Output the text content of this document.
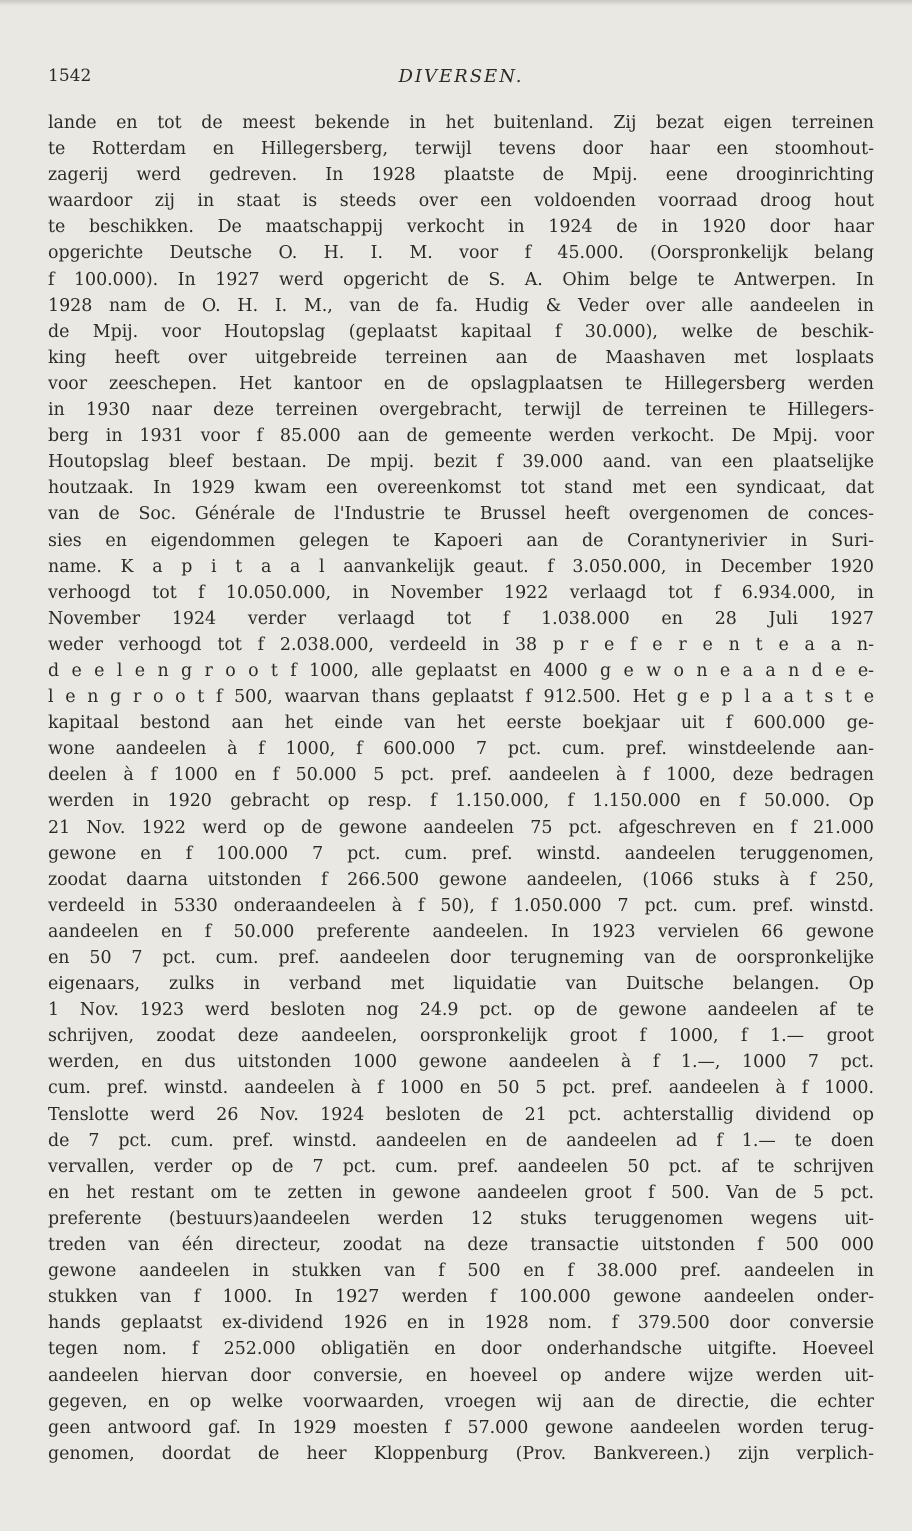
1542	DIVERSEN.
lande en tot de meest bekende in het buitenland. Zij bezat eigen terreinen
te Rotterdam en Hillegersberg, terwijl tevens door haar een stoomhout-
zagerij werd gedreven. In 1928 plaatste de Mpij. eene drooginrichting
waardoor zij in staat is steeds over een voldoenden voorraad droog hout
te beschikken. De maatschappij verkocht in 1924 de in 1920 door haar
opgerichte Deutsche O. H. I. M. voor f 45.000. (Oorspronkelijk belang
f 100.000). In 1927 werd opgericht de S. A. Ohim belge te Antwerpen. In
1928 nam de O. H. I. M., van de fa. Hudig & Veder over alle aandeelen in
de Mpij. voor Houtopslag (geplaatst kapitaal f 30.000), welke de beschik-
king heeft over uitgebreide terreinen aan de Maashaven met losplaats
voor zeeschepen. Het kantoor en de opslagplaatsen te Hillegersberg werden
in 1930 naar deze terreinen overgebracht, terwijl de terreinen te Hillegers-
berg in 1931 voor f 85.000 aan de gemeente werden verkocht. De Mpij. voor
Houtopslag bleef bestaan. De mpij. bezit f 39.000 aand. van een plaatselijke
houtzaak. In 1929 kwam een overeenkomst tot stand met een syndicaat, dat
van de Soc. Générale de l'Industrie te Brussel heeft overgenomen de conces-
sies en eigendommen gelegen te Kapoeri aan de Corantynerivier in Suri-
name. K a p i t a a l aanvankelijk geaut. f 3.050.000, in December 1920
verhoogd tot f 10.050.000, in November 1922 verlaagd tot f 6.934.000, in
November 1924 verder verlaagd tot f 1.038.000 en 28 Juli 1927
weder verhoogd tot f 2.038.000, verdeeld in 38 p r e f e r e n t e a a n-
d e e l e n g r o o t f 1000, alle geplaatst en 4000 g e w o n e a a n d e e-
l e n g r o o t f 500, waarvan thans geplaatst f 912.500. Het g e p l a a t s t e
kapitaal bestond aan het einde van het eerste boekjaar uit f 600.000 ge-
wone aandeelen à f 1000, f 600.000 7 pct. cum. pref. winstdeelende aan-
deelen à f 1000 en f 50.000 5 pct. pref. aandeelen à f 1000, deze bedragen
werden in 1920 gebracht op resp. f 1.150.000, f 1.150.000 en f 50.000. Op
21 Nov. 1922 werd op de gewone aandeelen 75 pct. afgeschreven en f 21.000
gewone en f 100.000 7 pct. cum. pref. winstd. aandeelen teruggenomen,
zoodat daarna uitstonden f 266.500 gewone aandeelen, (1066 stuks à f 250,
verdeeld in 5330 onderaandeelen à f 50), f 1.050.000 7 pct. cum. pref. winstd.
aandeelen en f 50.000 preferente aandeelen. In 1923 vervielen 66 gewone
en 50 7 pct. cum. pref. aandeelen door terugneming van de oorspronkelijke
eigenaars, zulks in verband met liquidatie van Duitsche belangen. Op
1 Nov. 1923 werd besloten nog 24.9 pct. op de gewone aandeelen af te
schrijven, zoodat deze aandeelen, oorspronkelijk groot f 1000, f 1.— groot
werden, en dus uitstonden 1000 gewone aandeelen à f 1.—, 1000 7 pct.
cum. pref. winstd. aandeelen à f 1000 en 50 5 pct. pref. aandeelen à f 1000.
Tenslotte werd 26 Nov. 1924 besloten de 21 pct. achterstallig dividend op
de 7 pct. cum. pref. winstd. aandeelen en de aandeelen ad f 1.— te doen
vervallen, verder op de 7 pct. cum. pref. aandeelen 50 pct. af te schrijven
en het restant om te zetten in gewone aandeelen groot f 500. Van de 5 pct.
preferente (bestuurs)aandeelen werden 12 stuks teruggenomen wegens uit-
treden van één directeur, zoodat na deze transactie uitstonden f 500 000
gewone aandeelen in stukken van f 500 en f 38.000 pref. aandeelen in
stukken van f 1000. In 1927 werden f 100.000 gewone aandeelen onder-
hands geplaatst ex-dividend 1926 en in 1928 nom. f 379.500 door conversie
tegen nom. f 252.000 obligatiën en door onderhandsche uitgifte. Hoeveel
aandeelen hiervan door conversie, en hoeveel op andere wijze werden uit-
gegeven, en op welke voorwaarden, vroegen wij aan de directie, die echter
geen antwoord gaf. In 1929 moesten f 57.000 gewone aandeelen worden terug-
genomen, doordat de heer Kloppenburg (Prov. Bankvereen.) zijn verplich-
